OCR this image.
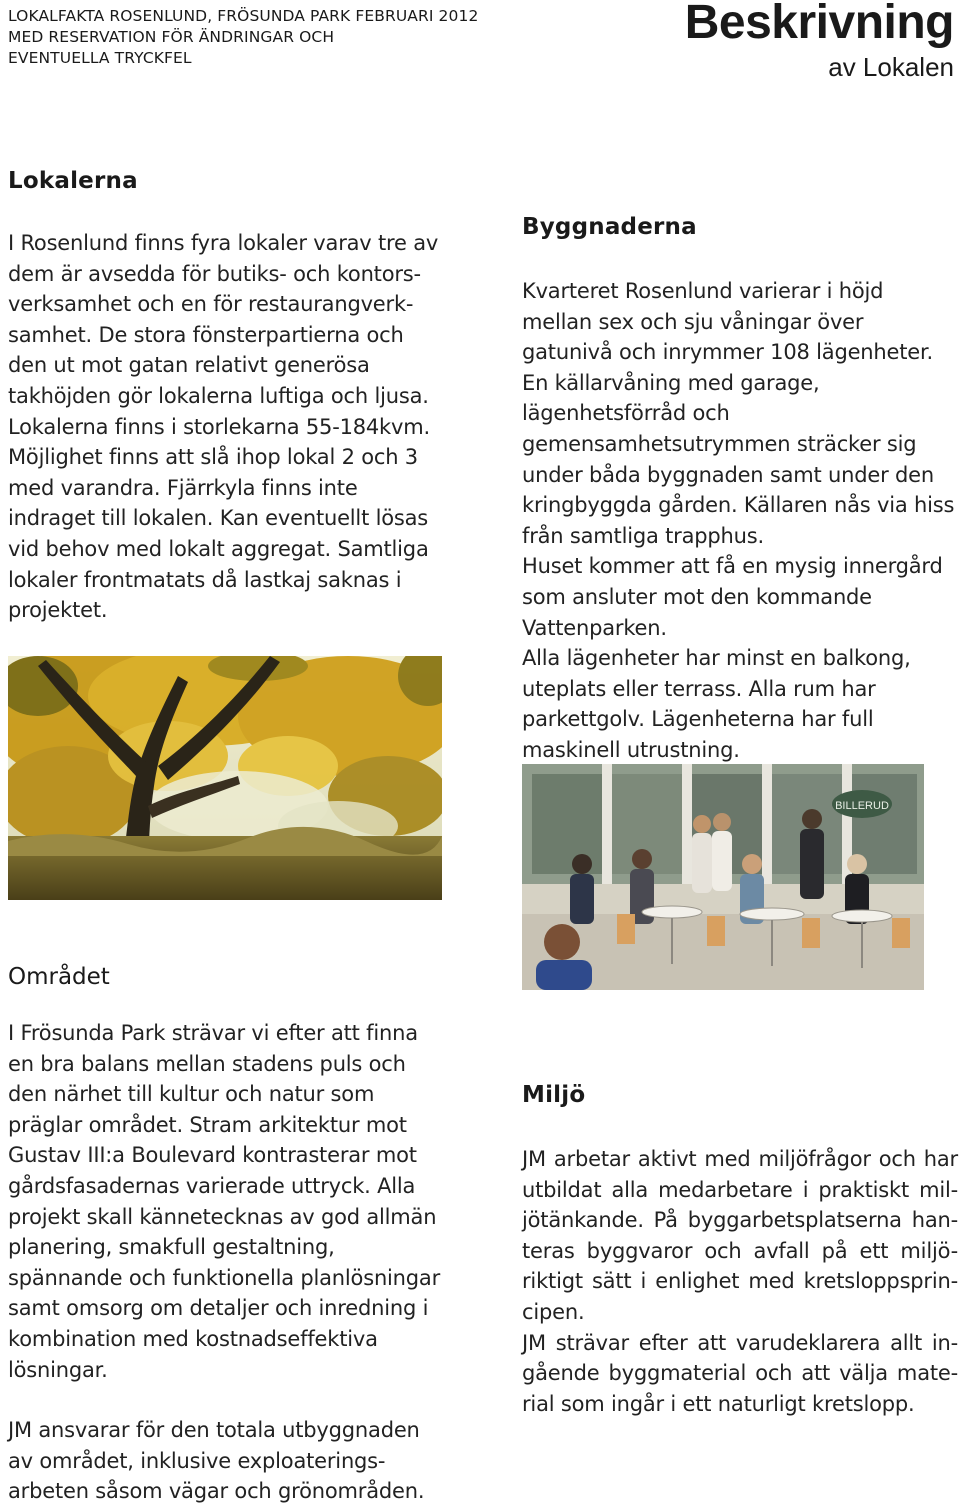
LOKALFAKTA ROSENLUND, FRÖSUNDA PARK FEBRUARI 2012
MED RESERVATION FÖR ÄNDRINGAR OCH
EVENTUELLA TRYCKFEL
Beskrivning
av Lokalen
Lokalerna

I Rosenlund finns fyra lokaler varav tre av dem är avsedda för butiks- och kontors-verksamhet och en för restaurangverk-samhet. De stora fönsterpartierna och den ut mot gatan relativt generösa takhöjden gör lokalerna luftiga och ljusa. Lokalerna finns i storlekarna 55-184kvm. Möjlighet finns att slå ihop lokal 2 och 3 med varandra. Fjärrkyla finns inte indraget till lokalen. Kan eventuellt lösas vid behov med lokalt aggregat. Samtliga lokaler frontmatats då lastkaj saknas i projektet.

Byggnaderna

Kvarteret Rosenlund varierar i höjd mellan sex och sju våningar över gatunivå och inrymmer 108 lägenheter. En källarvåning med garage, lägenhetsförråd och gemensamhetsutrymmen sträcker sig under båda byggnaden samt under den kringbyggda gården. Källaren nås via hiss från samtliga trapphus.

Huset kommer att få en mysig innergård som ansluter mot den kommande Vattenparken.

Alla lägenheter har minst en balkong, uteplats eller terrass. Alla rum har parkettgolv. Lägenheterna har full maskinell utrustning.

BILLERUD
Området

I Frösunda Park strävar vi efter att finna en bra balans mellan stadens puls och den närhet till kultur och natur som präglar området. Stram arkitektur mot Gustav III:a Boulevard kontrasterar mot gårdsfasadernas varierade uttryck. Alla projekt skall kännetecknas av god allmän planering, smakfull gestaltning, spännande och funktionella planlösningar samt omsorg om detaljer och inredning i kombination med kostnadseffektiva lösningar.

JM ansvarar för den totala utbyggnaden av området, inklusive exploaterings-arbeten såsom vägar och grönområden.

Miljö

JM arbetar aktivt med miljöfrågor och har utbildat alla medarbetare i praktiskt mil-jötänkande. På byggarbetsplatserna han-teras byggvaror och avfall på ett miljö-riktigt sätt i enlighet med kretsloppsprin-cipen.

JM strävar efter att varudeklarera allt in-gående byggmaterial och att välja mate-rial som ingår i ett naturligt kretslopp.
